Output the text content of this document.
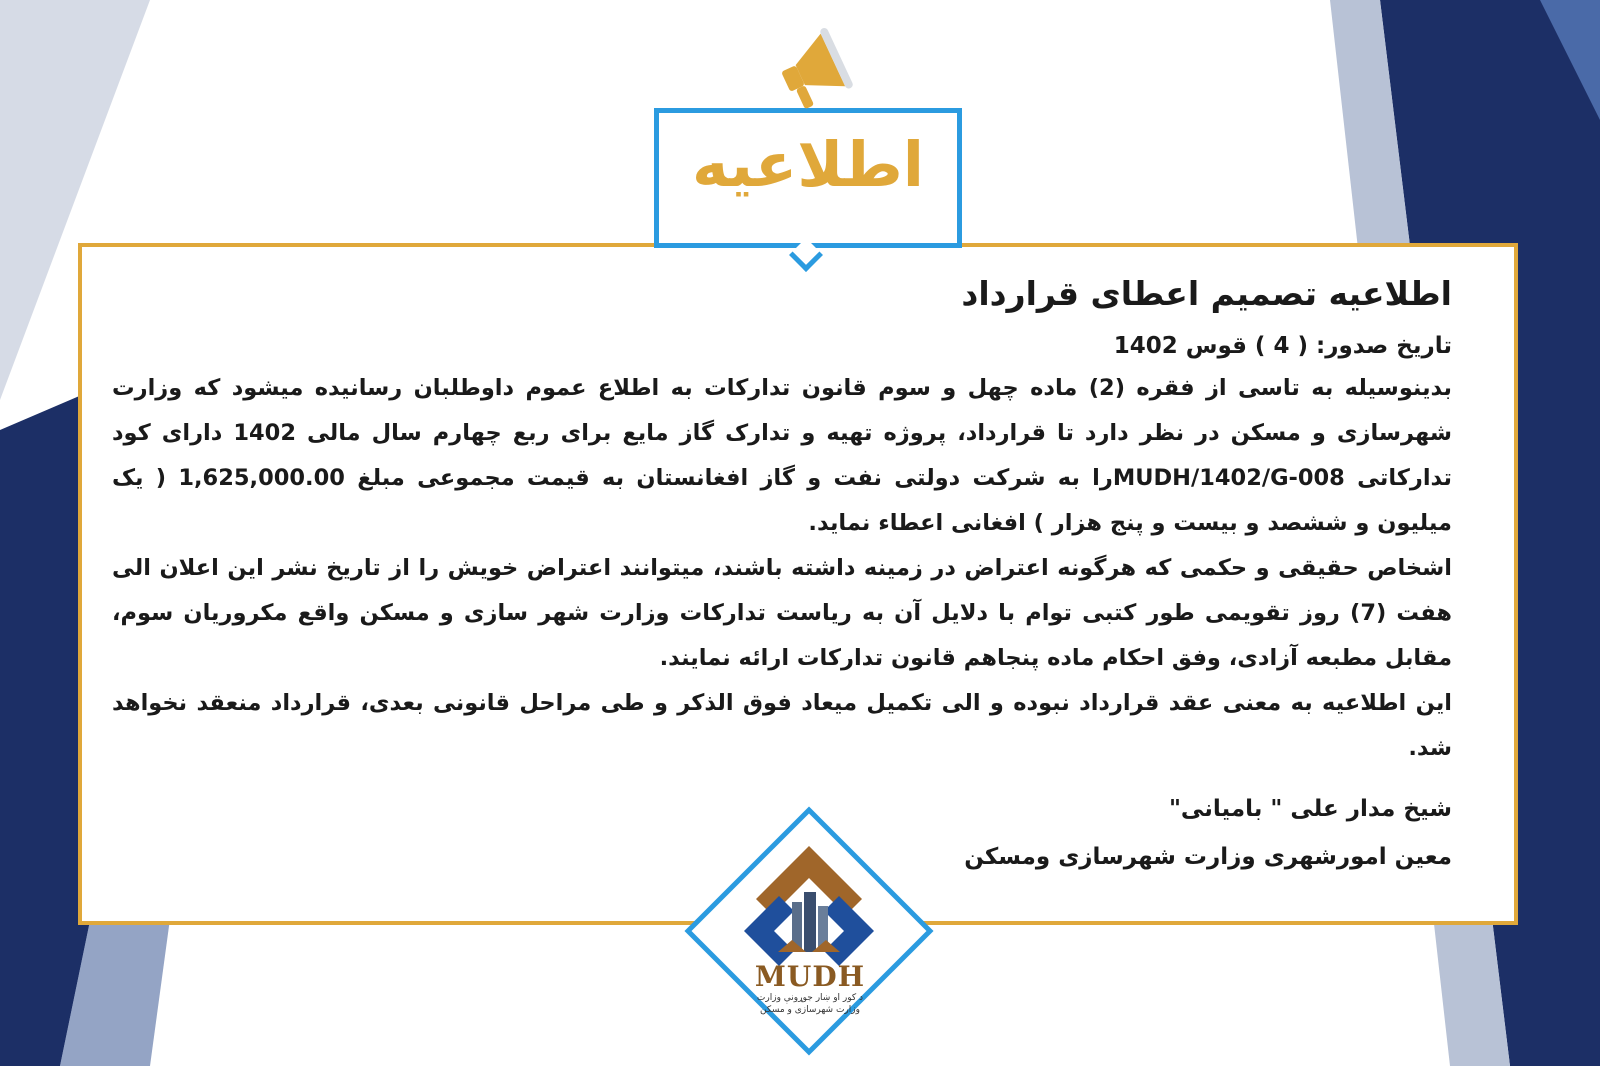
اطلاعیه

اطلاعیه تصمیم اعطای قرارداد

تاریخ صدور: ( 4 ) قوس 1402

بدینوسیله به تاسی از فقره (2) ماده چهل و سوم قانون تدارکات به اطلاع عموم داوطلبان رسانیده میشود که وزارت شهرسازی و مسکن در نظر دارد تا قرارداد، پروژه تهیه و تدارک گاز مایع برای ربع چهارم سال مالی 1402 دارای کود تدارکاتی MUDH/1402/G-008را به شرکت دولتی نفت و گاز افغانستان به قیمت مجموعی مبلغ 1,625,000.00 ( یک میلیون و ششصد و بیست و پنج هزار ) افغانی اعطاء نماید.

اشخاص حقیقی و حکمی که هرگونه اعتراض در زمینه داشته باشند، میتوانند اعتراض خویش را از تاریخ نشر این اعلان الی هفت (7) روز تقویمی طور کتبی توام با دلایل آن به ریاست تدارکات وزارت شهر سازی و مسکن واقع مکروریان سوم، مقابل مطبعه آزادی، وفق احکام ماده پنجاهم قانون تدارکات ارائه نمایند.

این اطلاعیه به معنی عقد قرارداد نبوده و الی تکمیل میعاد فوق الذکر و طی مراحل قانونی بعدی، قرارداد منعقد نخواهد شد.

شیخ مدار علی " بامیانی"

معین امورشهری وزارت شهرسازی ومسکن

MUDH
د کور او ښار جوړونې وزارت
وزارت شهرسازی و مسکن
